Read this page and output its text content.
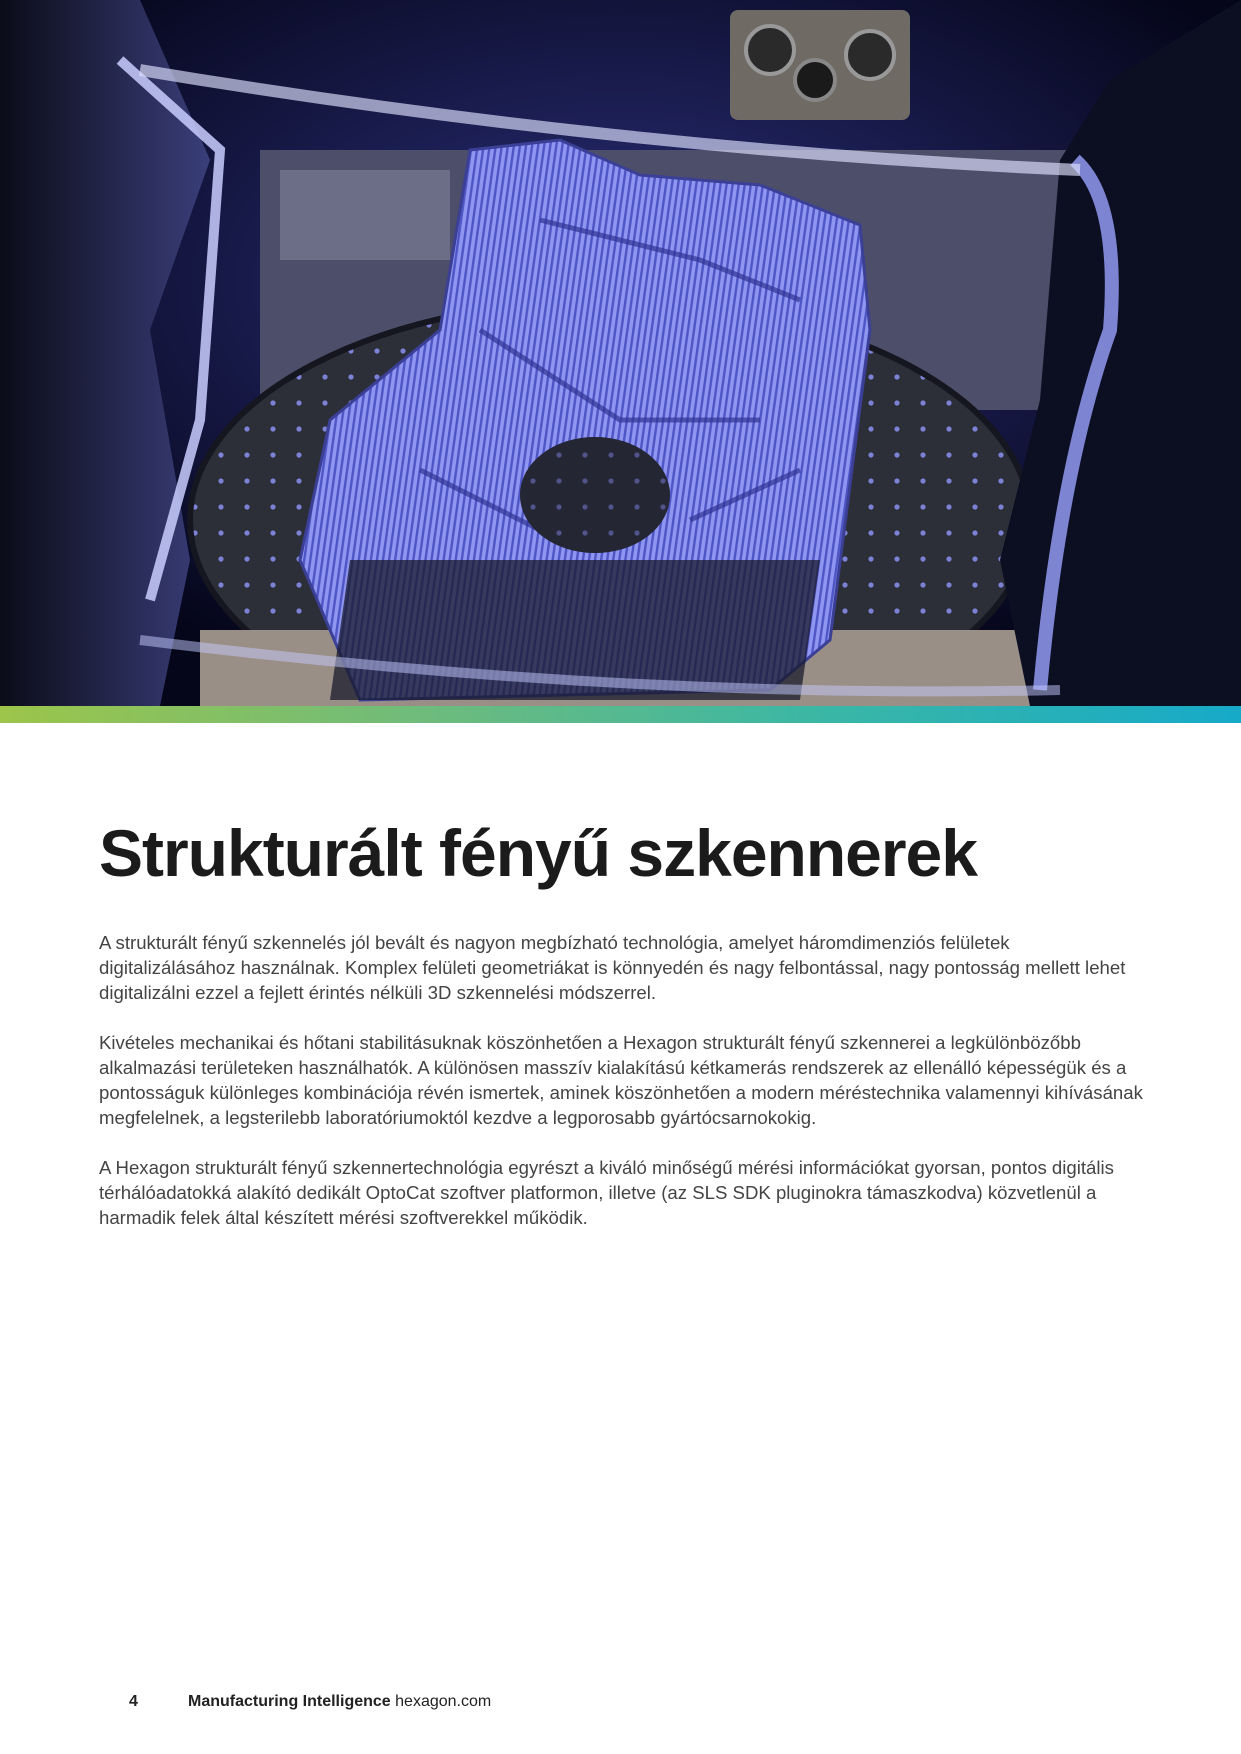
Strukturált fényű szkennerek

A strukturált fényű szkennelés jól bevált és nagyon megbízható technológia, amelyet háromdimenziós felületek digitalizálásához használnak. Komplex felületi geometriákat is könnyedén és nagy felbontással, nagy pontosság mellett lehet digitalizálni ezzel a fejlett érintés nélküli 3D szkennelési módszerrel.

Kivételes mechanikai és hőtani stabilitásuknak köszönhetően a Hexagon strukturált fényű szkennerei a legkülönbözőbb alkalmazási területeken használhatók. A különösen masszív kialakítású kétkamerás rendszerek az ellenálló képességük és a pontosságuk különleges kombinációja révén ismertek, aminek köszönhetően a modern méréstechnika valamennyi kihívásának megfelelnek, a legsterilebb laboratóriumoktól kezdve a legporosabb gyártócsarnokokig.

A Hexagon strukturált fényű szkennertechnológia egyrészt a kiváló minőségű mérési információkat gyorsan, pontos digitális térhálóadatokká alakító dedikált OptoCat szoftver platformon, illetve (az SLS SDK pluginokra támaszkodva) közvetlenül a harmadik felek által készített mérési szoftverekkel működik.

4	Manufacturing Intelligence hexagon.com
